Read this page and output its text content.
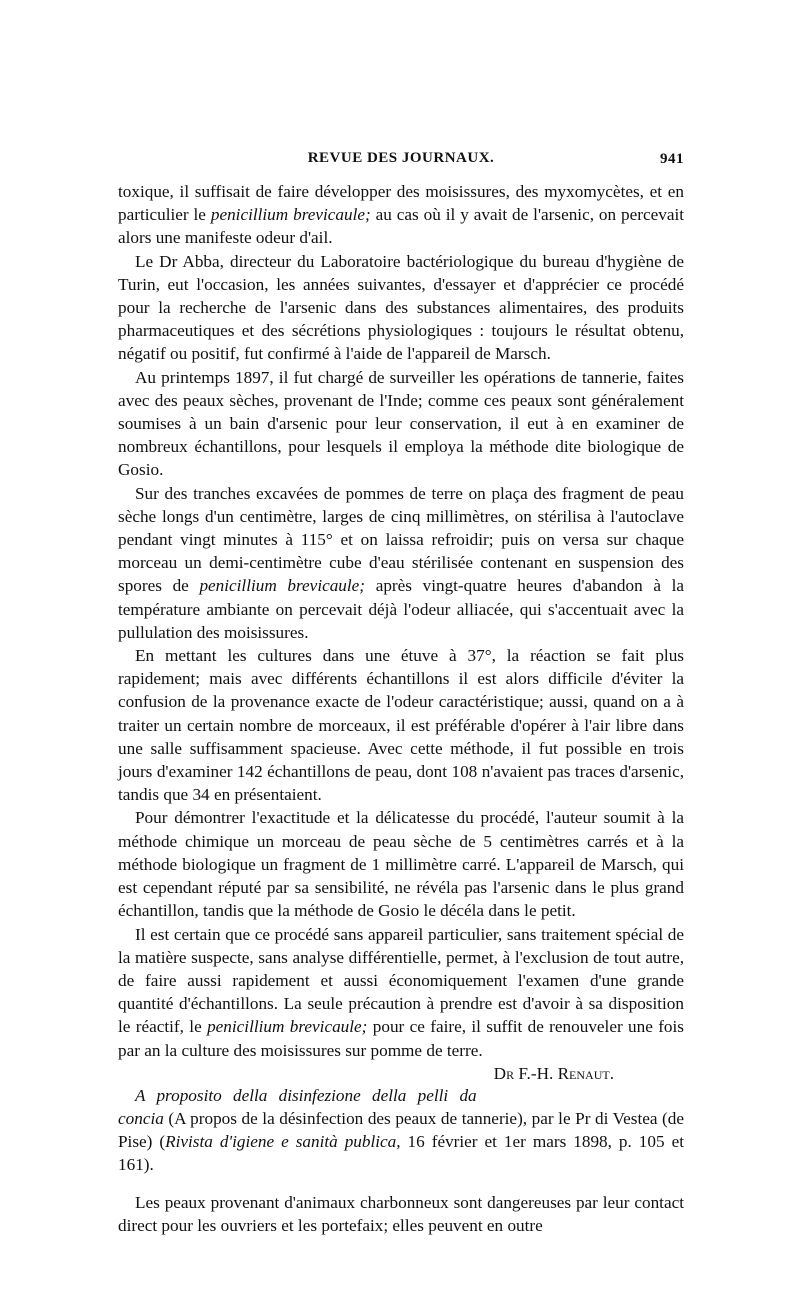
REVUE DES JOURNAUX.	941

toxique, il suffisait de faire développer des moisissures, des myxomycètes, et en particulier le penicillium brevicaule; au cas où il y avait de l'arsenic, on percevait alors une manifeste odeur d'ail.

Le Dr Abba, directeur du Laboratoire bactériologique du bureau d'hygiène de Turin, eut l'occasion, les années suivantes, d'essayer et d'apprécier ce procédé pour la recherche de l'arsenic dans des substances alimentaires, des produits pharmaceutiques et des sécrétions physiologiques : toujours le résultat obtenu, négatif ou positif, fut confirmé à l'aide de l'appareil de Marsch.

Au printemps 1897, il fut chargé de surveiller les opérations de tannerie, faites avec des peaux sèches, provenant de l'Inde; comme ces peaux sont généralement soumises à un bain d'arsenic pour leur conservation, il eut à en examiner de nombreux échantillons, pour lesquels il employa la méthode dite biologique de Gosio.

Sur des tranches excavées de pommes de terre on plaça des fragment de peau sèche longs d'un centimètre, larges de cinq millimètres, on stérilisa à l'autoclave pendant vingt minutes à 115° et on laissa refroidir; puis on versa sur chaque morceau un demi-centimètre cube d'eau stérilisée contenant en suspension des spores de penicillium brevicaule; après vingt-quatre heures d'abandon à la température ambiante on percevait déjà l'odeur alliacée, qui s'accentuait avec la pullulation des moisissures.

En mettant les cultures dans une étuve à 37°, la réaction se fait plus rapidement; mais avec différents échantillons il est alors difficile d'éviter la confusion de la provenance exacte de l'odeur caractéristique; aussi, quand on a à traiter un certain nombre de morceaux, il est préférable d'opérer à l'air libre dans une salle suffisamment spacieuse. Avec cette méthode, il fut possible en trois jours d'examiner 142 échantillons de peau, dont 108 n'avaient pas traces d'arsenic, tandis que 34 en présentaient.

Pour démontrer l'exactitude et la délicatesse du procédé, l'auteur soumit à la méthode chimique un morceau de peau sèche de 5 centimètres carrés et à la méthode biologique un fragment de 1 millimètre carré. L'appareil de Marsch, qui est cependant réputé par sa sensibilité, ne révéla pas l'arsenic dans le plus grand échantillon, tandis que la méthode de Gosio le décéla dans le petit.

Il est certain que ce procédé sans appareil particulier, sans traitement spécial de la matière suspecte, sans analyse différentielle, permet, à l'exclusion de tout autre, de faire aussi rapidement et aussi économiquement l'examen d'une grande quantité d'échantillons. La seule précaution à prendre est d'avoir à sa disposition le réactif, le penicillium brevicaule; pour ce faire, il suffit de renouveler une fois par an la culture des moisissures sur pomme de terre.
Dr F.-H. Renaut.

A proposito della disinfezione della pelli da concia (A propos de la désinfection des peaux de tannerie), par le Pr di Vestea (de Pise) (Rivista d'igiene e sanità publica, 16 février et 1er mars 1898, p. 105 et 161).

Les peaux provenant d'animaux charbonneux sont dangereuses par leur contact direct pour les ouvriers et les portefaix; elles peuvent en outre
